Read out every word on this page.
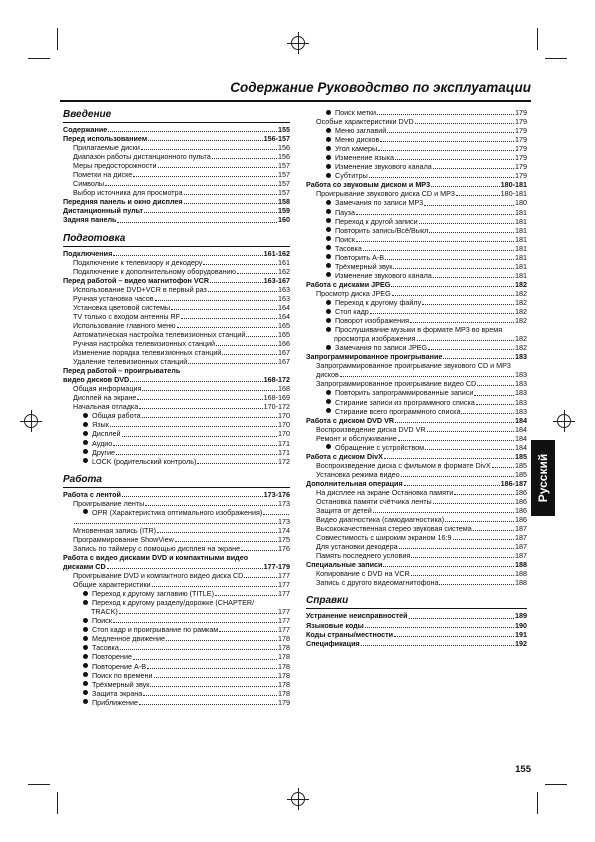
Содержание Руководство по эксплуатации
Введение
Содержание	155
Перед использованием	156-157
Прилагаемые диски	156
Диапазон работы дистанционного пульта	156
Меры предосторожности	157
Пометки на диске	157
Символы	157
Выбор источника для просмотра	157
Передняя панель и окно дисплея	158
Дистанционный пульт	159
Задняя панель	160
Подготовка
Подключения	161-162
Подключение к телевизору и декодеру	161
Подключение к дополнительному оборудованию	162
Перед работой – видео магнитофон VCR	163-167
Использование DVD+VCR в первый раз	163
Ручная установка часов	163
Установка цветовой системы	164
TV только с входом антенны RF	164
Использование главного меню	165
Автоматическая настройка телевизионных станций	165
Ручная настройка телевизионных станций	166
Изменение порядка телевизионных станций	167
Удаление телевизионных станций	167
Перед работой – проигрыватель
видео дисков DVD	168-172
Общая информация	168
Дисплей на экране	168-169
Начальная отладка	170-172
Общая работа	170
Язык	170
Дисплей	170
Аудио	171
Другие	171
LOCK (родительский контроль)	172
Работа
Работа с лентой	173-176
Проигрывание ленты	173
OPR (Характеристика оптимального изображения)
173
Мгновенная запись (ITR)	174
Программирование ShowView	175
Запись по таймеру с помощью дисплея на экране	176
Работа с видео дисками DVD и компактными видео
дисками CD	177-179
Проигрывание DVD и компактного видео диска CD	177
Общие характеристики	177
Переход к другому заглавию (TITLE)	177
Переход к другому разделу/дорожке (CHAPTER/
TRACK)	177
Поиск	177
Стоп кадр и проигрывание по рамкам	177
Медленное движение	178
Тасовка	178
Повторение	178
Повторение A-B	178
Поиск по времени	178
Трёхмерный звук	178
Защита экрана	178
Приближение	179
Поиск метки	179
Особые характеристики DVD	179
Меню заглавий	179
Меню дисков	179
Угол камеры	179
Изменение языка	179
Изменение звукового канала	179
Субтитры	179
Работа со звуковым диском и MP3	180-181
Проигрывание звукового диска CD и MP3	180-181
Замечания по записи MP3	180
Пауза	181
Переход к другой записи	181
Повторить запись/Всё/Выкл	181
Поиск	181
Тасовка	181
Повторить A-B	181
Трёхмерный звук	181
Изменение звукового канала	181
Работа с дисками JPEG	182
Просмотр диска JPEG	182
Переход к другому файлу	182
Стоп кадр	182
Поворот изображения	182
Прослушивание музыки в формате MP3 во время
просмотра изображения	182
Замечания по записи JPEG	182
Запрограммированное проигрывание	183
Запрограммированное проигрывание звукового CD и MP3
дисков	183
Запрограммированное проигрывание видео CD	183
Повторить запрограммированные записи	183
Стирание записи из программного списка	183
Стирание всего программного списка	183
Работа с диском DVD VR	184
Воспроизведение диска DVD VR	184
Ремонт и обслуживание	184
Обращение с устройством	184
Работа с диском DivX	185
Воспроизведение диска с фильмом в формате DivX	185
Установка режима видео	185
Дополнительная операция	186-187
На дисплее на экране Остановка памяти	186
Остановка памяти счётчика ленты	186
Защита от детей	186
Видео диагностика (самодиагностика)	186
Высококачественная стерео звуковая система	187
Совместимость с широким экраном 16:9	187
Для установки декодера	187
Память последнего условия	187
Специальные записи	188
Копирование с DVD на VCR	188
Запись с другого видеомагнитофона	188
Справки
Устранение неисправностей	189
Языковые коды	190
Коды страны/местности	191
Спецификация	192
Русский
155
